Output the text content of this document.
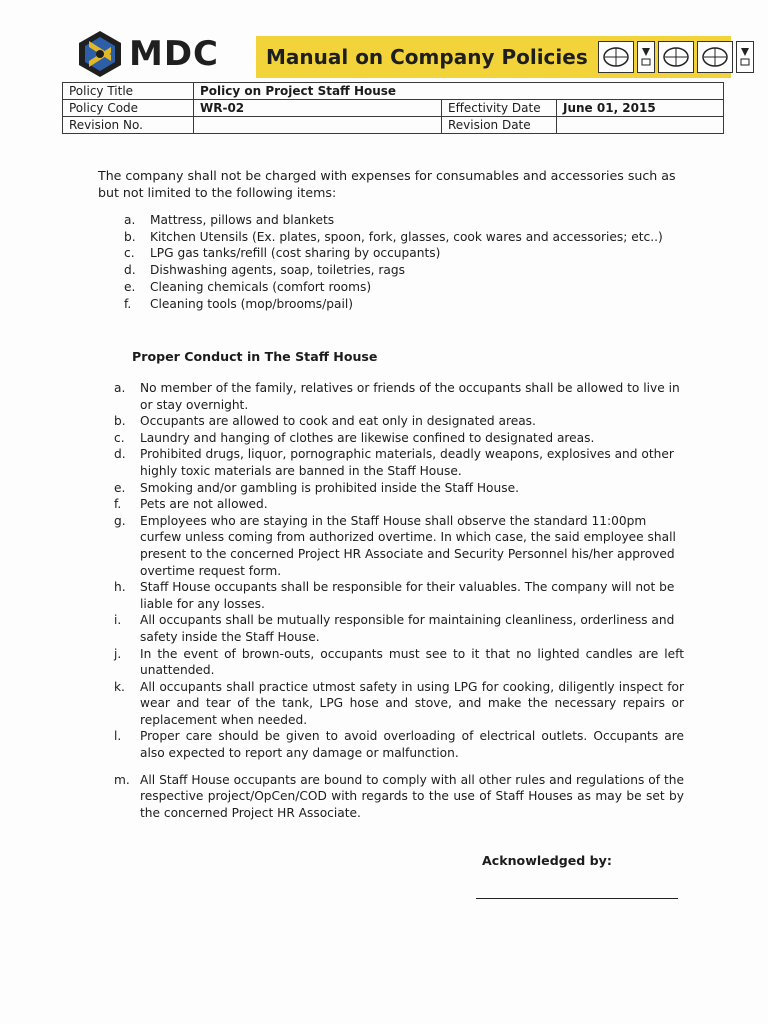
MDC Manual on Company Policies
Policy Title	Policy on Project Staff House		
Policy Code	WR-02	Effectivity Date	June 01, 2015
Revision No.		Revision Date	
The company shall not be charged with expenses for consumables and accessories such as but not limited to the following items:
a.	Mattress, pillows and blankets
b.	Kitchen Utensils (Ex. plates, spoon, fork, glasses, cook wares and accessories; etc..)
c.	LPG gas tanks/refill (cost sharing by occupants)
d.	Dishwashing agents, soap, toiletries, rags
e.	Cleaning chemicals (comfort rooms)
f.	Cleaning tools (mop/brooms/pail)
Proper Conduct in The Staff House
a.	No member of the family, relatives or friends of the occupants shall be allowed to live in or stay overnight.
b.	Occupants are allowed to cook and eat only in designated areas.
c.	Laundry and hanging of clothes are likewise confined to designated areas.
d.	Prohibited drugs, liquor, pornographic materials, deadly weapons, explosives and other highly toxic materials are banned in the Staff House.
e.	Smoking and/or gambling is prohibited inside the Staff House.
f.	Pets are not allowed.
g.	Employees who are staying in the Staff House shall observe the standard 11:00pm curfew unless coming from authorized overtime. In which case, the said employee shall present to the concerned Project HR Associate and Security Personnel his/her approved overtime request form.
h.	Staff House occupants shall be responsible for their valuables. The company will not be liable for any losses.
i.	All occupants shall be mutually responsible for maintaining cleanliness, orderliness and safety inside the Staff House.
j.	In the event of brown-outs, occupants must see to it that no lighted candles are left unattended.
k.	All occupants shall practice utmost safety in using LPG for cooking, diligently inspect for wear and tear of the tank, LPG hose and stove, and make the necessary repairs or replacement when needed.
l.	Proper care should be given to avoid overloading of electrical outlets. Occupants are also expected to report any damage or malfunction.
m. All Staff House occupants are bound to comply with all other rules and regulations of the respective project/OpCen/COD with regards to the use of Staff Houses as may be set by the concerned Project HR Associate.
Acknowledged by:
